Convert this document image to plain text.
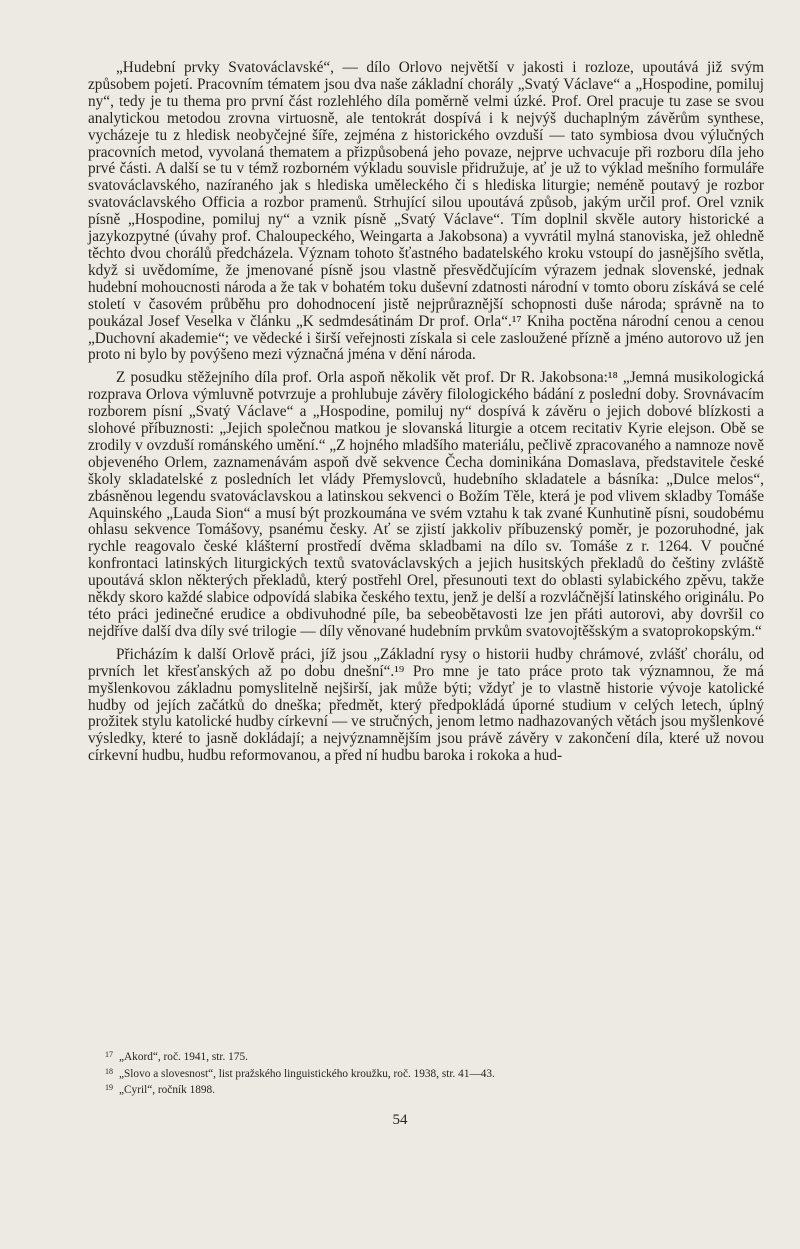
„Hudební prvky Svatováclavské“, — dílo Orlovo největší v jakosti i rozloze, upoutává již svým způsobem pojetí. Pracovním tématem jsou dva naše základní chorály „Svatý Václave“ a „Hospodine, pomiluj ny“, tedy je tu thema pro první část rozlehlého díla poměrně velmi úzké. Prof. Orel pracuje tu zase se svou analytickou metodou zrovna virtuosně, ale tentokrát dospívá i k nejvýš duchaplným závěrům synthese, vycházeje tu z hledisk neobyčejné šíře, zejména z historického ovzduší — tato symbiosa dvou výlučných pracovních metod, vyvolaná thematem a přizpůsobená jeho povaze, nejprve uchvacuje při rozboru díla jeho prvé části. A další se tu v témž rozborném výkladu souvisle přidružuje, ať je už to výklad mešního formuláře svatováclavského, nazíraného jak s hlediska uměleckého či s hlediska liturgie; neméně poutavý je rozbor svatováclavského Officia a rozbor pramenů. Strhující silou upoutává způsob, jakým určil prof. Orel vznik písně „Hospodine, pomiluj ny“ a vznik písně „Svatý Václave“. Tím doplnil skvěle autory historické a jazykozpytné (úvahy prof. Chaloupeckého, Weingarta a Jakobsona) a vyvrátil mylná stanoviska, jež ohledně těchto dvou chorálů předcházela. Význam tohoto šťastného badatelského kroku vstoupí do jasnějšího světla, když si uvědomíme, že jmenované písně jsou vlastně přesvědčujícím výrazem jednak slovenské, jednak hudební mohoucnosti národa a že tak v bohatém toku duševní zdatnosti národní v tomto oboru získává se celé století v časovém průběhu pro dohodnocení jistě nejprůraznější schopnosti duše národa; správně na to poukázal Josef Veselka v článku „K sedmdesátinám Dr prof. Orla“.¹⁷ Kniha poctěna národní cenou a cenou „Duchovní akademie“; ve vědecké i širší veřejnosti získala si cele zasloužené přízně a jméno autorovo už jen proto ni bylo by povýšeno mezi význačná jména v dění národa.

Z posudku stěžejního díla prof. Orla aspoň několik vět prof. Dr R. Jakobsona:¹⁸ „Jemná musikologická rozprava Orlova výmluvně potvrzuje a prohlubuje závěry filologického bádání z poslední doby. Srovnávacím rozborem písní „Svatý Václave“ a „Hospodine, pomiluj ny“ dospívá k závěru o jejich dobové blízkosti a slohové příbuznosti: „Jejich společnou matkou je slovanská liturgie a otcem recitativ Kyrie elejson. Obě se zrodily v ovzduší románského umění.“ „Z hojného mladšího materiálu, pečlivě zpracovaného a namnoze nově objeveného Orlem, zaznamenávám aspoň dvě sekvence Čecha dominikána Domaslava, představitele české školy skladatelské z posledních let vlády Přemyslovců, hudebního skladatele a básníka: „Dulce melos“, zbásněnou legendu svatováclavskou a latinskou sekvenci o Božím Těle, která je pod vlivem skladby Tomáše Aquinského „Lauda Sion“ a musí být prozkoumána ve svém vztahu k tak zvané Kunhutině písni, soudobému ohlasu sekvence Tomášovy, psanému česky. Ať se zjistí jakkoliv příbuzenský poměr, je pozoruhodné, jak rychle reagovalo české klášterní prostředí dvěma skladbami na dílo sv. Tomáše z r. 1264. V poučné konfrontaci latinských liturgických textů svatováclavských a jejich husitských překladů do češtiny zvláště upoutává sklon některých překladů, který postřehl Orel, přesunouti text do oblasti sylabického zpěvu, takže někdy skoro každé slabice odpovídá slabika českého textu, jenž je delší a rozvláčnější latinského originálu. Po této práci jedinečné erudice a obdivuhodné píle, ba sebeobětavosti lze jen přáti autorovi, aby dovršil co nejdříve další dva díly své trilogie — díly věnované hudebním prvkům svatovojtěšským a svatoprokopským.“

Přicházím k další Orlově práci, jíž jsou „Základní rysy o historii hudby chrámové, zvlášť chorálu, od prvních let křesťanských až po dobu dnešní“.¹⁹ Pro mne je tato práce proto tak významnou, že má myšlenkovou základnu pomyslitelně nejširší, jak může býti; vždyť je to vlastně historie vývoje katolické hudby od jejích začátků do dneška; předmět, který předpokládá úporné studium v celých letech, úplný prožitek stylu katolické hudby církevní — ve stručných, jenom letmo nadhazovaných větách jsou myšlenkové výsledky, které to jasně dokládají; a nejvýznamnějším jsou právě závěry v zakončení díla, které už novou církevní hudbu, hudbu reformovanou, a před ní hudbu baroka i rokoka a hud-

$^{17}$ „Akord“, roč. 1941, str. 175.
$^{18}$ „Slovo a slovesnost“, list pražského linguistického kroužku, roč. 1938, str. 41—43.
$^{19}$ „Cyril“, ročník 1898.
54
